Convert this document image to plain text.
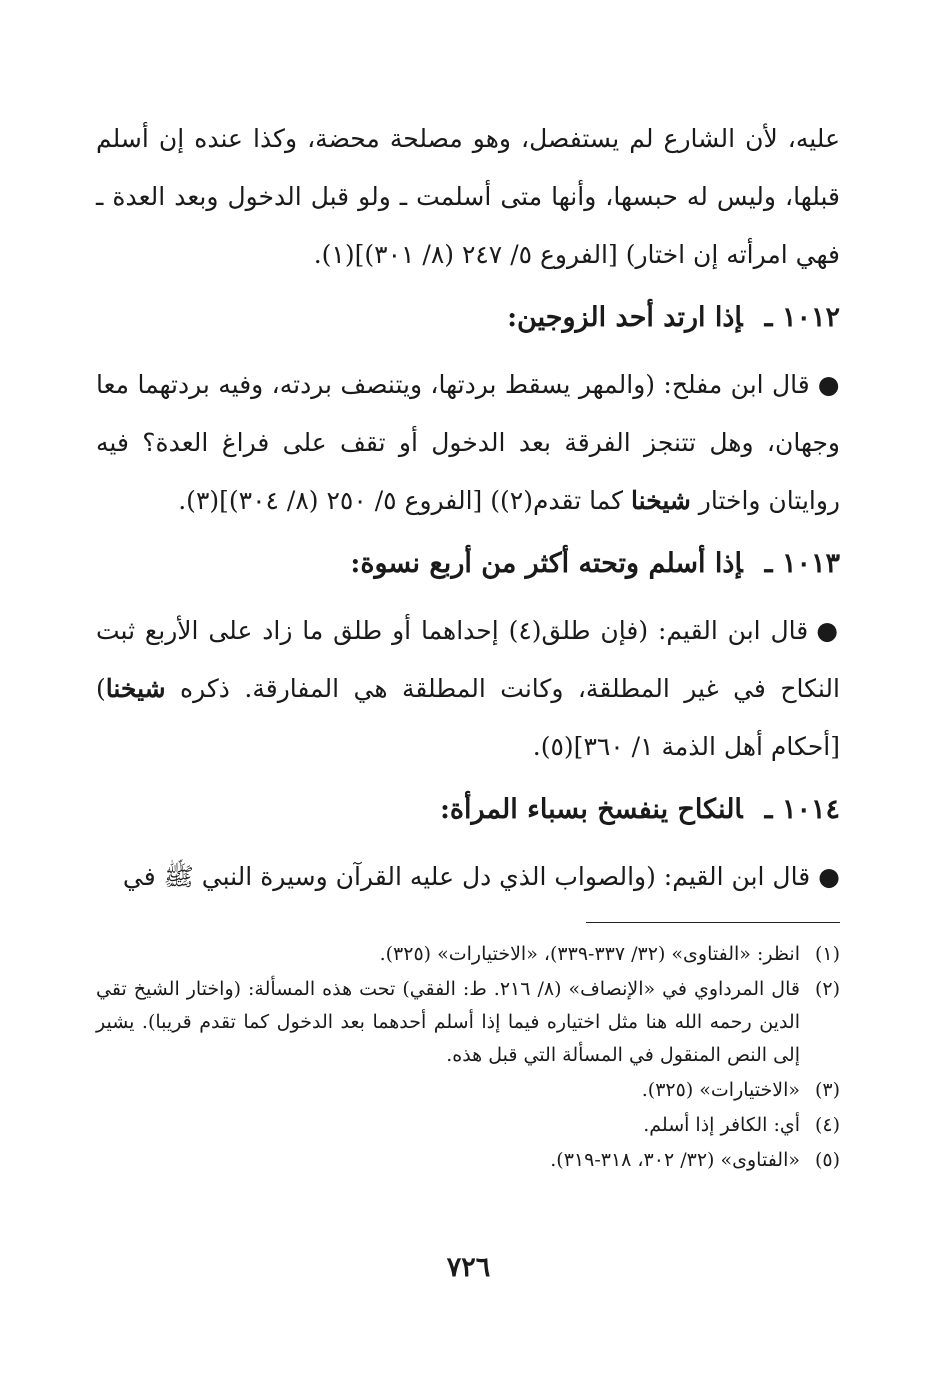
عليه، لأن الشارع لم يستفصل، وهو مصلحة محضة، وكذا عنده إن أسلم قبلها، وليس له حبسها، وأنها متى أسلمت ـ ولو قبل الدخول وبعد العدة ـ فهي امرأته إن اختار) [الفروع ٥/ ٢٤٧ (٨/ ٣٠١)](١).

١٠١٢ ـإذا ارتد أحد الزوجين:

●قال ابن مفلح: (والمهر يسقط بردتها، ويتنصف بردته، وفيه بردتهما معا وجهان، وهل تتنجز الفرقة بعد الدخول أو تقف على فراغ العدة؟ فيه روايتان واختار شيخنا كما تقدم(٢)) [الفروع ٥/ ٢٥٠ (٨/ ٣٠٤)](٣).

١٠١٣ ـإذا أسلم وتحته أكثر من أربع نسوة:

●قال ابن القيم: (فإن طلق(٤) إحداهما أو طلق ما زاد على الأربع ثبت النكاح في غير المطلقة، وكانت المطلقة هي المفارقة. ذكره شيخنا) [أحكام أهل الذمة ١/ ٣٦٠](٥).

١٠١٤ ـالنكاح ينفسخ بسباء المرأة:

●قال ابن القيم: (والصواب الذي دل عليه القرآن وسيرة النبي ﷺ في

(١)
انظر: «الفتاوى» (٣٢/ ٣٣٧-٣٣٩)، «الاختيارات» (٣٢٥).
(٢)
قال المرداوي في «الإنصاف» (٨/ ٢١٦. ط: الفقي) تحت هذه المسألة: (واختار الشيخ تقي الدين رحمه الله هنا مثل اختياره فيما إذا أسلم أحدهما بعد الدخول كما تقدم قريبا). يشير إلى النص المنقول في المسألة التي قبل هذه.
(٣)
«الاختيارات» (٣٢٥).
(٤)
أي: الكافر إذا أسلم.
(٥)
«الفتاوى» (٣٢/ ٣٠٢، ٣١٨-٣١٩).
٧٢٦
